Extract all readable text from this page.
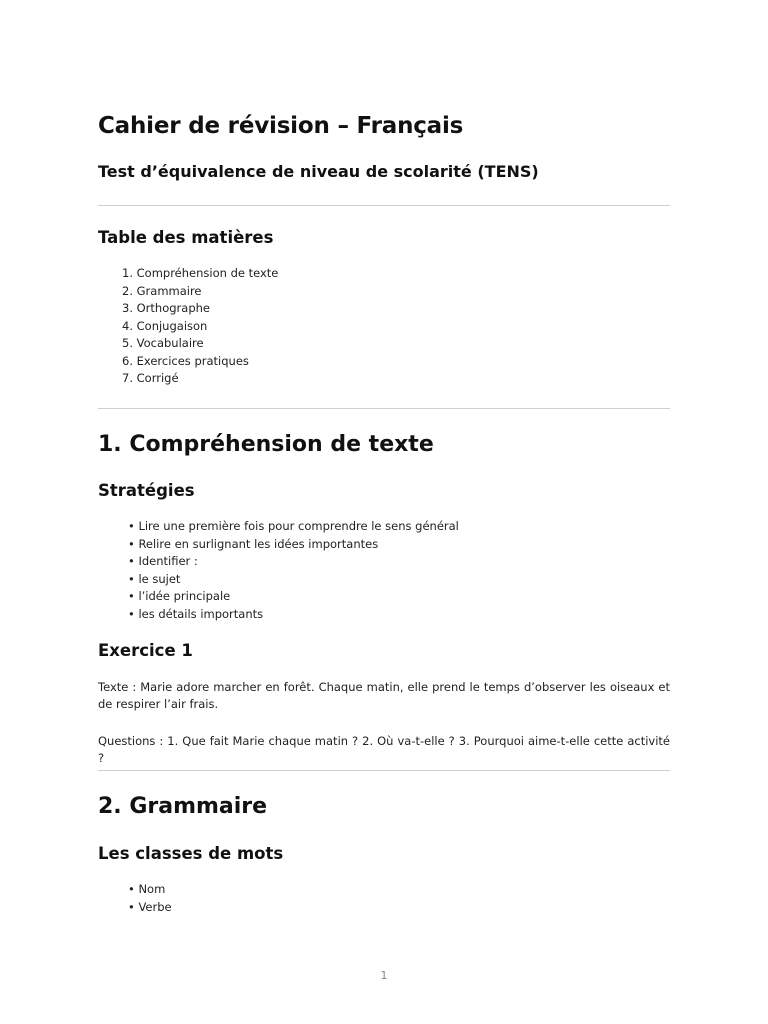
Cahier de révision – Français

Test d’équivalence de niveau de scolarité (TENS)

Table des matières
1. Compréhension de texte
2. Grammaire
3. Orthographe
4. Conjugaison
5. Vocabulaire
6. Exercices pratiques
7. Corrigé
1. Compréhension de texte
Stratégies
• Lire une première fois pour comprendre le sens général
• Relire en surlignant les idées importantes
• Identifier :
• le sujet
• l’idée principale
• les détails importants
Exercice 1

Texte : Marie adore marcher en forêt. Chaque matin, elle prend le temps d’observer les oiseaux et de respirer l’air frais.

Questions : 1. Que fait Marie chaque matin ? 2. Où va-t-elle ? 3. Pourquoi aime-t-elle cette activité ?

2. Grammaire
Les classes de mots
• Nom
• Verbe
1
